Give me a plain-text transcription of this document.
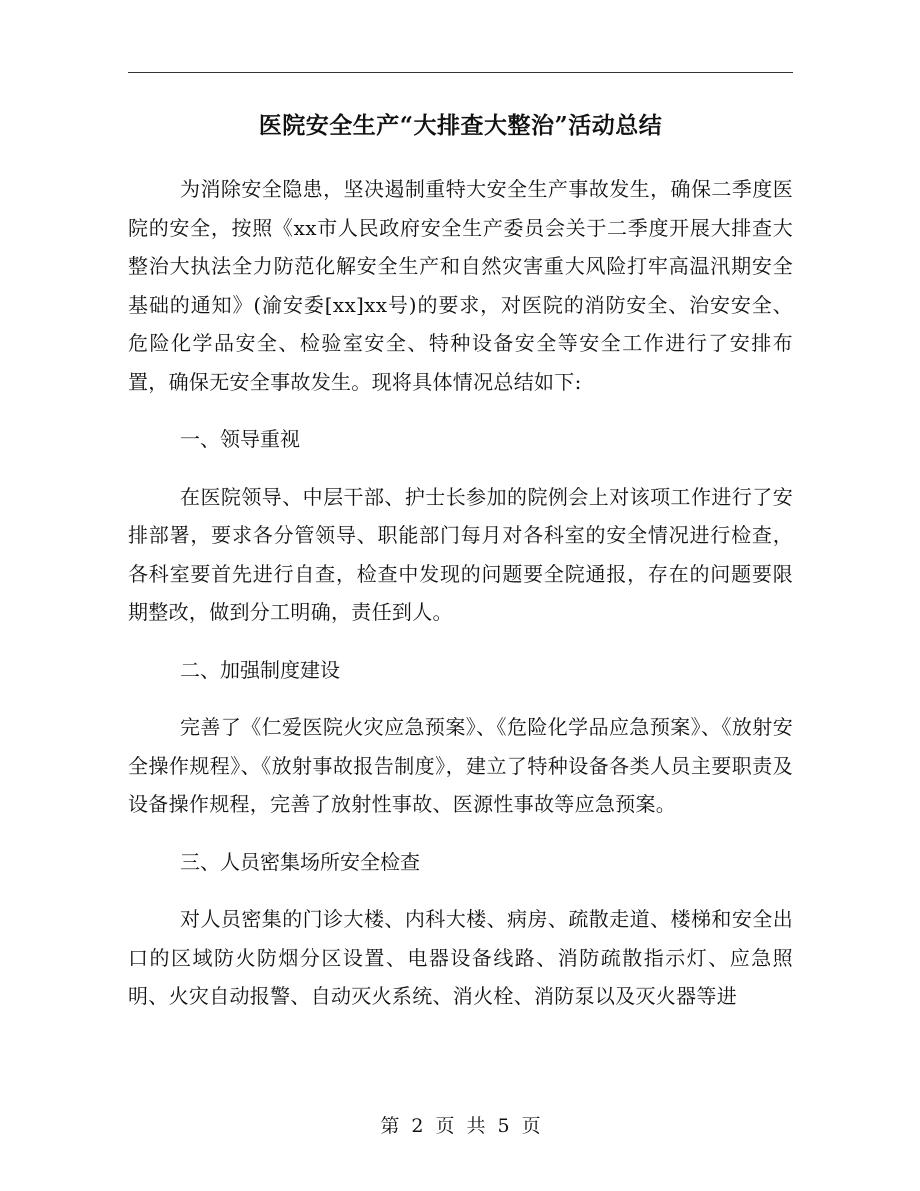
医院安全生产“大排查大整治”活动总结

为消除安全隐患，坚决遏制重特大安全生产事故发生，确保二季度医院的安全，按照《xx市人民政府安全生产委员会关于二季度开展大排查大整治大执法全力防范化解安全生产和自然灾害重大风险打牢高温汛期安全基础的通知》(渝安委[xx]xx号)的要求，对医院的消防安全、治安安全、危险化学品安全、检验室安全、特种设备安全等安全工作进行了安排布置，确保无安全事故发生。现将具体情况总结如下:

一、领导重视

在医院领导、中层干部、护士长参加的院例会上对该项工作进行了安排部署，要求各分管领导、职能部门每月对各科室的安全情况进行检查，各科室要首先进行自查，检查中发现的问题要全院通报，存在的问题要限期整改，做到分工明确，责任到人。

二、加强制度建设

完善了《仁爱医院火灾应急预案》、《危险化学品应急预案》、《放射安全操作规程》、《放射事故报告制度》，建立了特种设备各类人员主要职责及设备操作规程，完善了放射性事故、医源性事故等应急预案。

三、人员密集场所安全检查

对人员密集的门诊大楼、内科大楼、病房、疏散走道、楼梯和安全出口的区域防火防烟分区设置、电器设备线路、消防疏散指示灯、应急照明、火灾自动报警、自动灭火系统、消火栓、消防泵以及灭火器等进

第 2 页 共 5 页
